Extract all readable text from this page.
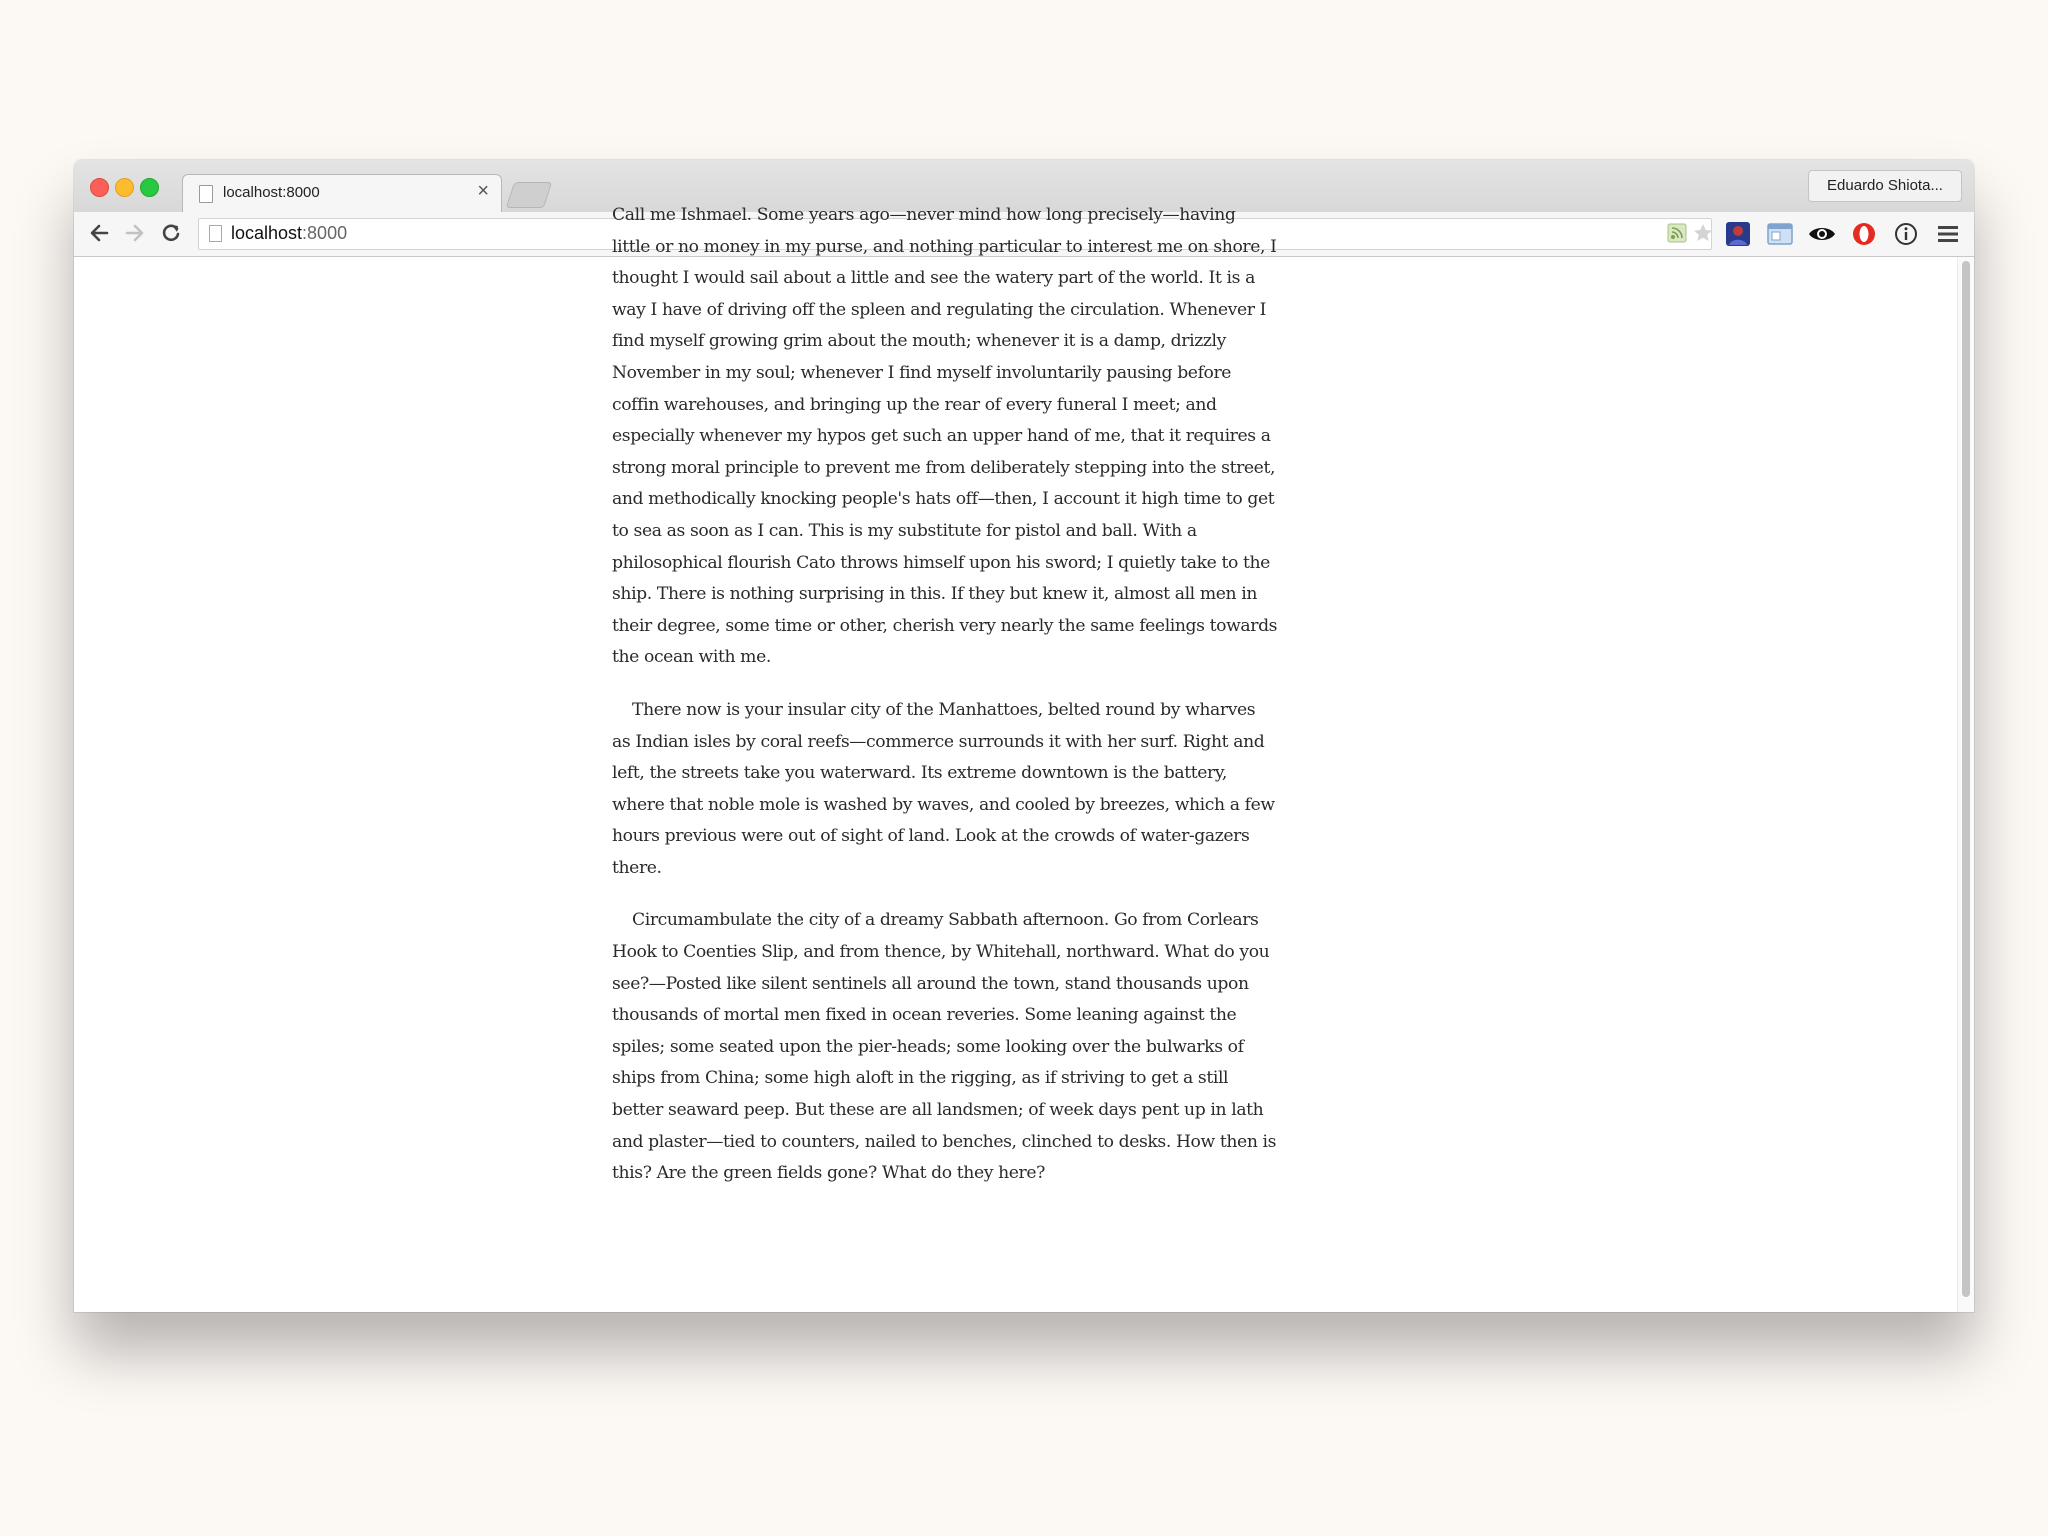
localhost:8000	×	Eduardo Shiota...
localhost:8000

Call me Ishmael. Some years ago—never mind how long precisely—having little or no money in my purse, and nothing particular to interest me on shore, I thought I would sail about a little and see the watery part of the world. It is a way I have of driving off the spleen and regulating the circulation. Whenever I find myself growing grim about the mouth; whenever it is a damp, drizzly November in my soul; whenever I find myself involuntarily pausing before coffin warehouses, and bringing up the rear of every funeral I meet; and especially whenever my hypos get such an upper hand of me, that it requires a strong moral principle to prevent me from deliberately stepping into the street, and methodically knocking people's hats off—then, I account it high time to get to sea as soon as I can. This is my substitute for pistol and ball. With a philosophical flourish Cato throws himself upon his sword; I quietly take to the ship. There is nothing surprising in this. If they but knew it, almost all men in their degree, some time or other, cherish very nearly the same feelings towards the ocean with me.

There now is your insular city of the Manhattoes, belted round by wharves as Indian isles by coral reefs—commerce surrounds it with her surf. Right and left, the streets take you waterward. Its extreme downtown is the battery, where that noble mole is washed by waves, and cooled by breezes, which a few hours previous were out of sight of land. Look at the crowds of water-gazers there.

Circumambulate the city of a dreamy Sabbath afternoon. Go from Corlears Hook to Coenties Slip, and from thence, by Whitehall, northward. What do you see?—Posted like silent sentinels all around the town, stand thousands upon thousands of mortal men fixed in ocean reveries. Some leaning against the spiles; some seated upon the pier-heads; some looking over the bulwarks of ships from China; some high aloft in the rigging, as if striving to get a still better seaward peep. But these are all landsmen; of week days pent up in lath and plaster—tied to counters, nailed to benches, clinched to desks. How then is this? Are the green fields gone? What do they here?
